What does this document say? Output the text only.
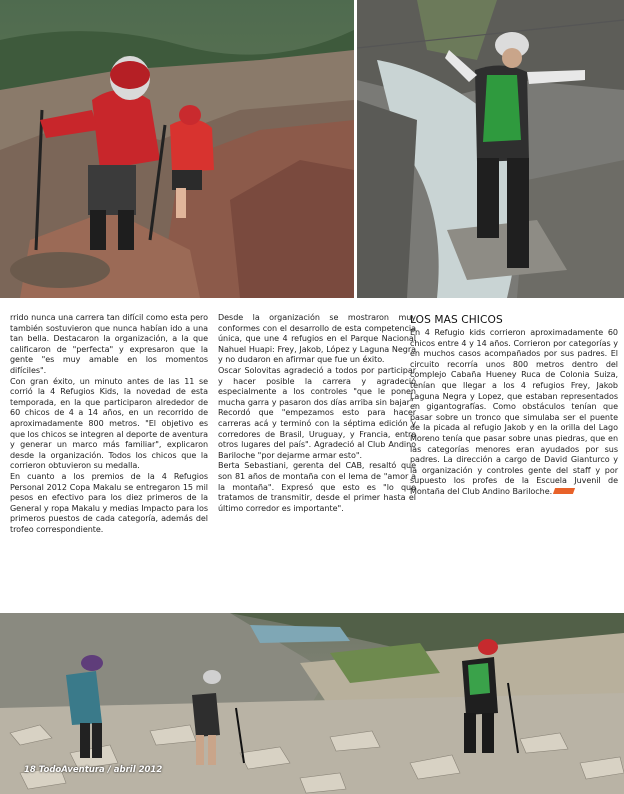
rrido nunca una carrera tan difícil como esta pero también sostuvieron que nunca habían ido a una tan bella. Destacaron la organización, a la que calificaron de "perfecta" y expresaron que la gente "es muy amable en los momentos difíciles".

Con gran éxito, un minuto antes de las 11 se corrió la 4 Refugios Kids, la novedad de esta temporada, en la que participaron alrededor de 60 chicos de 4 a 14 años, en un recorrido de aproximadamente 800 metros. "El objetivo es que los chicos se integren al deporte de aventura y generar un marco más familiar", explicaron desde la organización. Todos los chicos que la corrieron obtuvieron su medalla.

En cuanto a los premios de la 4 Refugios Personal 2012 Copa Makalu se entregaron 15 mil pesos en efectivo para los diez primeros de la General y ropa Makalu y medias Impacto para los primeros puestos de cada categoría, además del trofeo correspondiente.

Desde la organización se mostraron muy conformes con el desarrollo de esta competencia única, que une 4 refugios en el Parque Nacional Nahuel Huapi: Frey, Jakob, López y Laguna Negra y no dudaron en afirmar que fue un éxito.

Oscar Solovitas agradeció a todos por participar y hacer posible la carrera y agradeció especialmente a los controles "que le ponen mucha garra y pasaron dos días arriba sin bajar". Recordó que "empezamos esto para hacer carreras acá y terminó con la séptima edición y corredores de Brasil, Uruguay, y Francia, entre otros lugares del país". Agradeció al Club Andino Bariloche "por dejarme armar esto".

Berta Sebastiani, gerenta del CAB, resaltó que son 81 años de montaña con el lema de "amor a la montaña". Expresó que esto es "lo que tratamos de transmitir, desde el primer hasta el último corredor es importante".

LOS MAS CHICOS

En 4 Refugio kids corrieron aproximadamente 60 chicos entre 4 y 14 años. Corrieron por categorías y en muchos casos acompañados por sus padres. El circuito recorría unos 800 metros dentro del complejo Cabaña Hueney Ruca de Colonia Suiza, tenían que llegar a los 4 refugios Frey, Jakob Laguna Negra y Lopez, que estaban representados en gigantografías. Como obstáculos tenían que pasar sobre un tronco que simulaba ser el puente de la picada al refugio Jakob y en la orilla del Lago Moreno tenía que pasar sobre unas piedras, que en las categorías menores eran ayudados por sus padres. La dirección a cargo de David Gianturco y la organización y controles gente del staff y por supuesto los profes de la Escuela Juvenil de Montaña del Club Andino Bariloche.

18 TodoAventura / abril 2012
